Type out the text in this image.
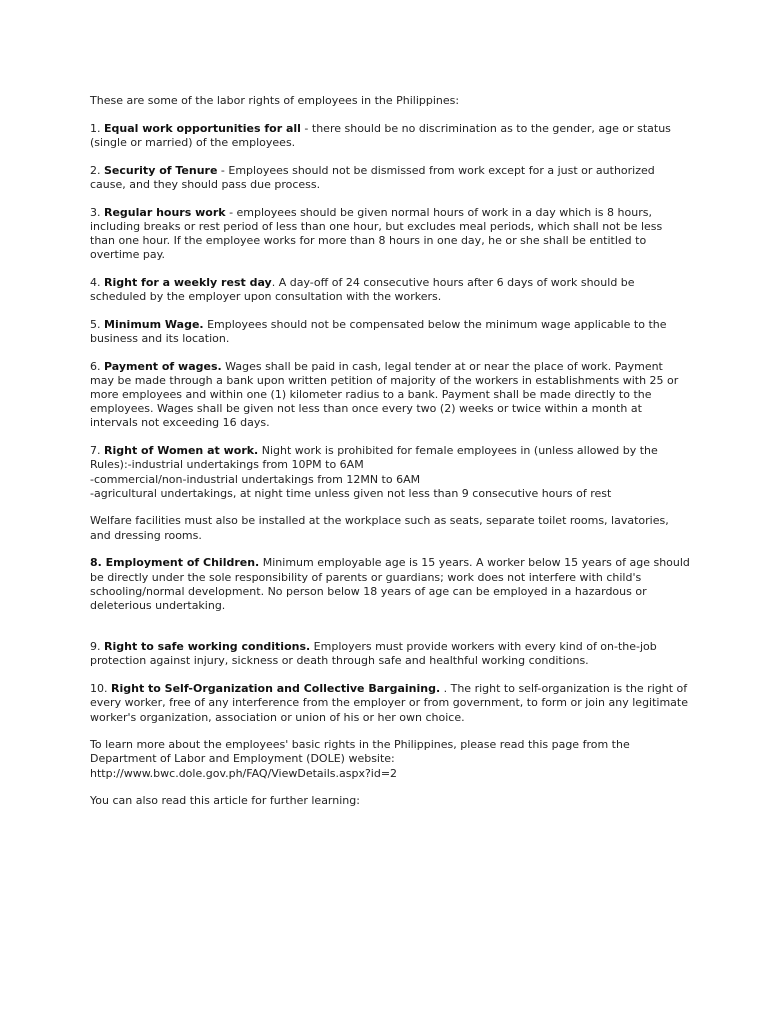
These are some of the labor rights of employees in the Philippines:

1. Equal work opportunities for all - there should be no discrimination as to the gender, age or status (single or married) of the employees.

2. Security of Tenure - Employees should not be dismissed from work except for a just or authorized cause, and they should pass due process.

3. Regular hours work - employees should be given normal hours of work in a day which is 8 hours, including breaks or rest period of less than one hour, but excludes meal periods, which shall not be less than one hour. If the employee works for more than 8 hours in one day, he or she shall be entitled to overtime pay.

4. Right for a weekly rest day. A day-off of 24 consecutive hours after 6 days of work should be scheduled by the employer upon consultation with the workers.

5. Minimum Wage. Employees should not be compensated below the minimum wage applicable to the business and its location.

6. Payment of wages. Wages shall be paid in cash, legal tender at or near the place of work. Payment may be made through a bank upon written petition of majority of the workers in establishments with 25 or more employees and within one (1) kilometer radius to a bank. Payment shall be made directly to the employees. Wages shall be given not less than once every two (2) weeks or twice within a month at intervals not exceeding 16 days.

7. Right of Women at work. Night work is prohibited for female employees in (unless allowed by the Rules):-industrial undertakings from 10PM to 6AM
-commercial/non-industrial undertakings from 12MN to 6AM
-agricultural undertakings, at night time unless given not less than 9 consecutive hours of rest

Welfare facilities must also be installed at the workplace such as seats, separate toilet rooms, lavatories, and dressing rooms.

8. Employment of Children. Minimum employable age is 15 years. A worker below 15 years of age should be directly under the sole responsibility of parents or guardians; work does not interfere with child's schooling/normal development. No person below 18 years of age can be employed in a hazardous or deleterious undertaking.

9. Right to safe working conditions. Employers must provide workers with every kind of on-the-job protection against injury, sickness or death through safe and healthful working conditions.

10. Right to Self-Organization and Collective Bargaining. . The right to self-organization is the right of every worker, free of any interference from the employer or from government, to form or join any legitimate worker's organization, association or union of his or her own choice.

To learn more about the employees' basic rights in the Philippines, please read this page from the Department of Labor and Employment (DOLE) website:
http://www.bwc.dole.gov.ph/FAQ/ViewDetails.aspx?id=2

You can also read this article for further learning:
